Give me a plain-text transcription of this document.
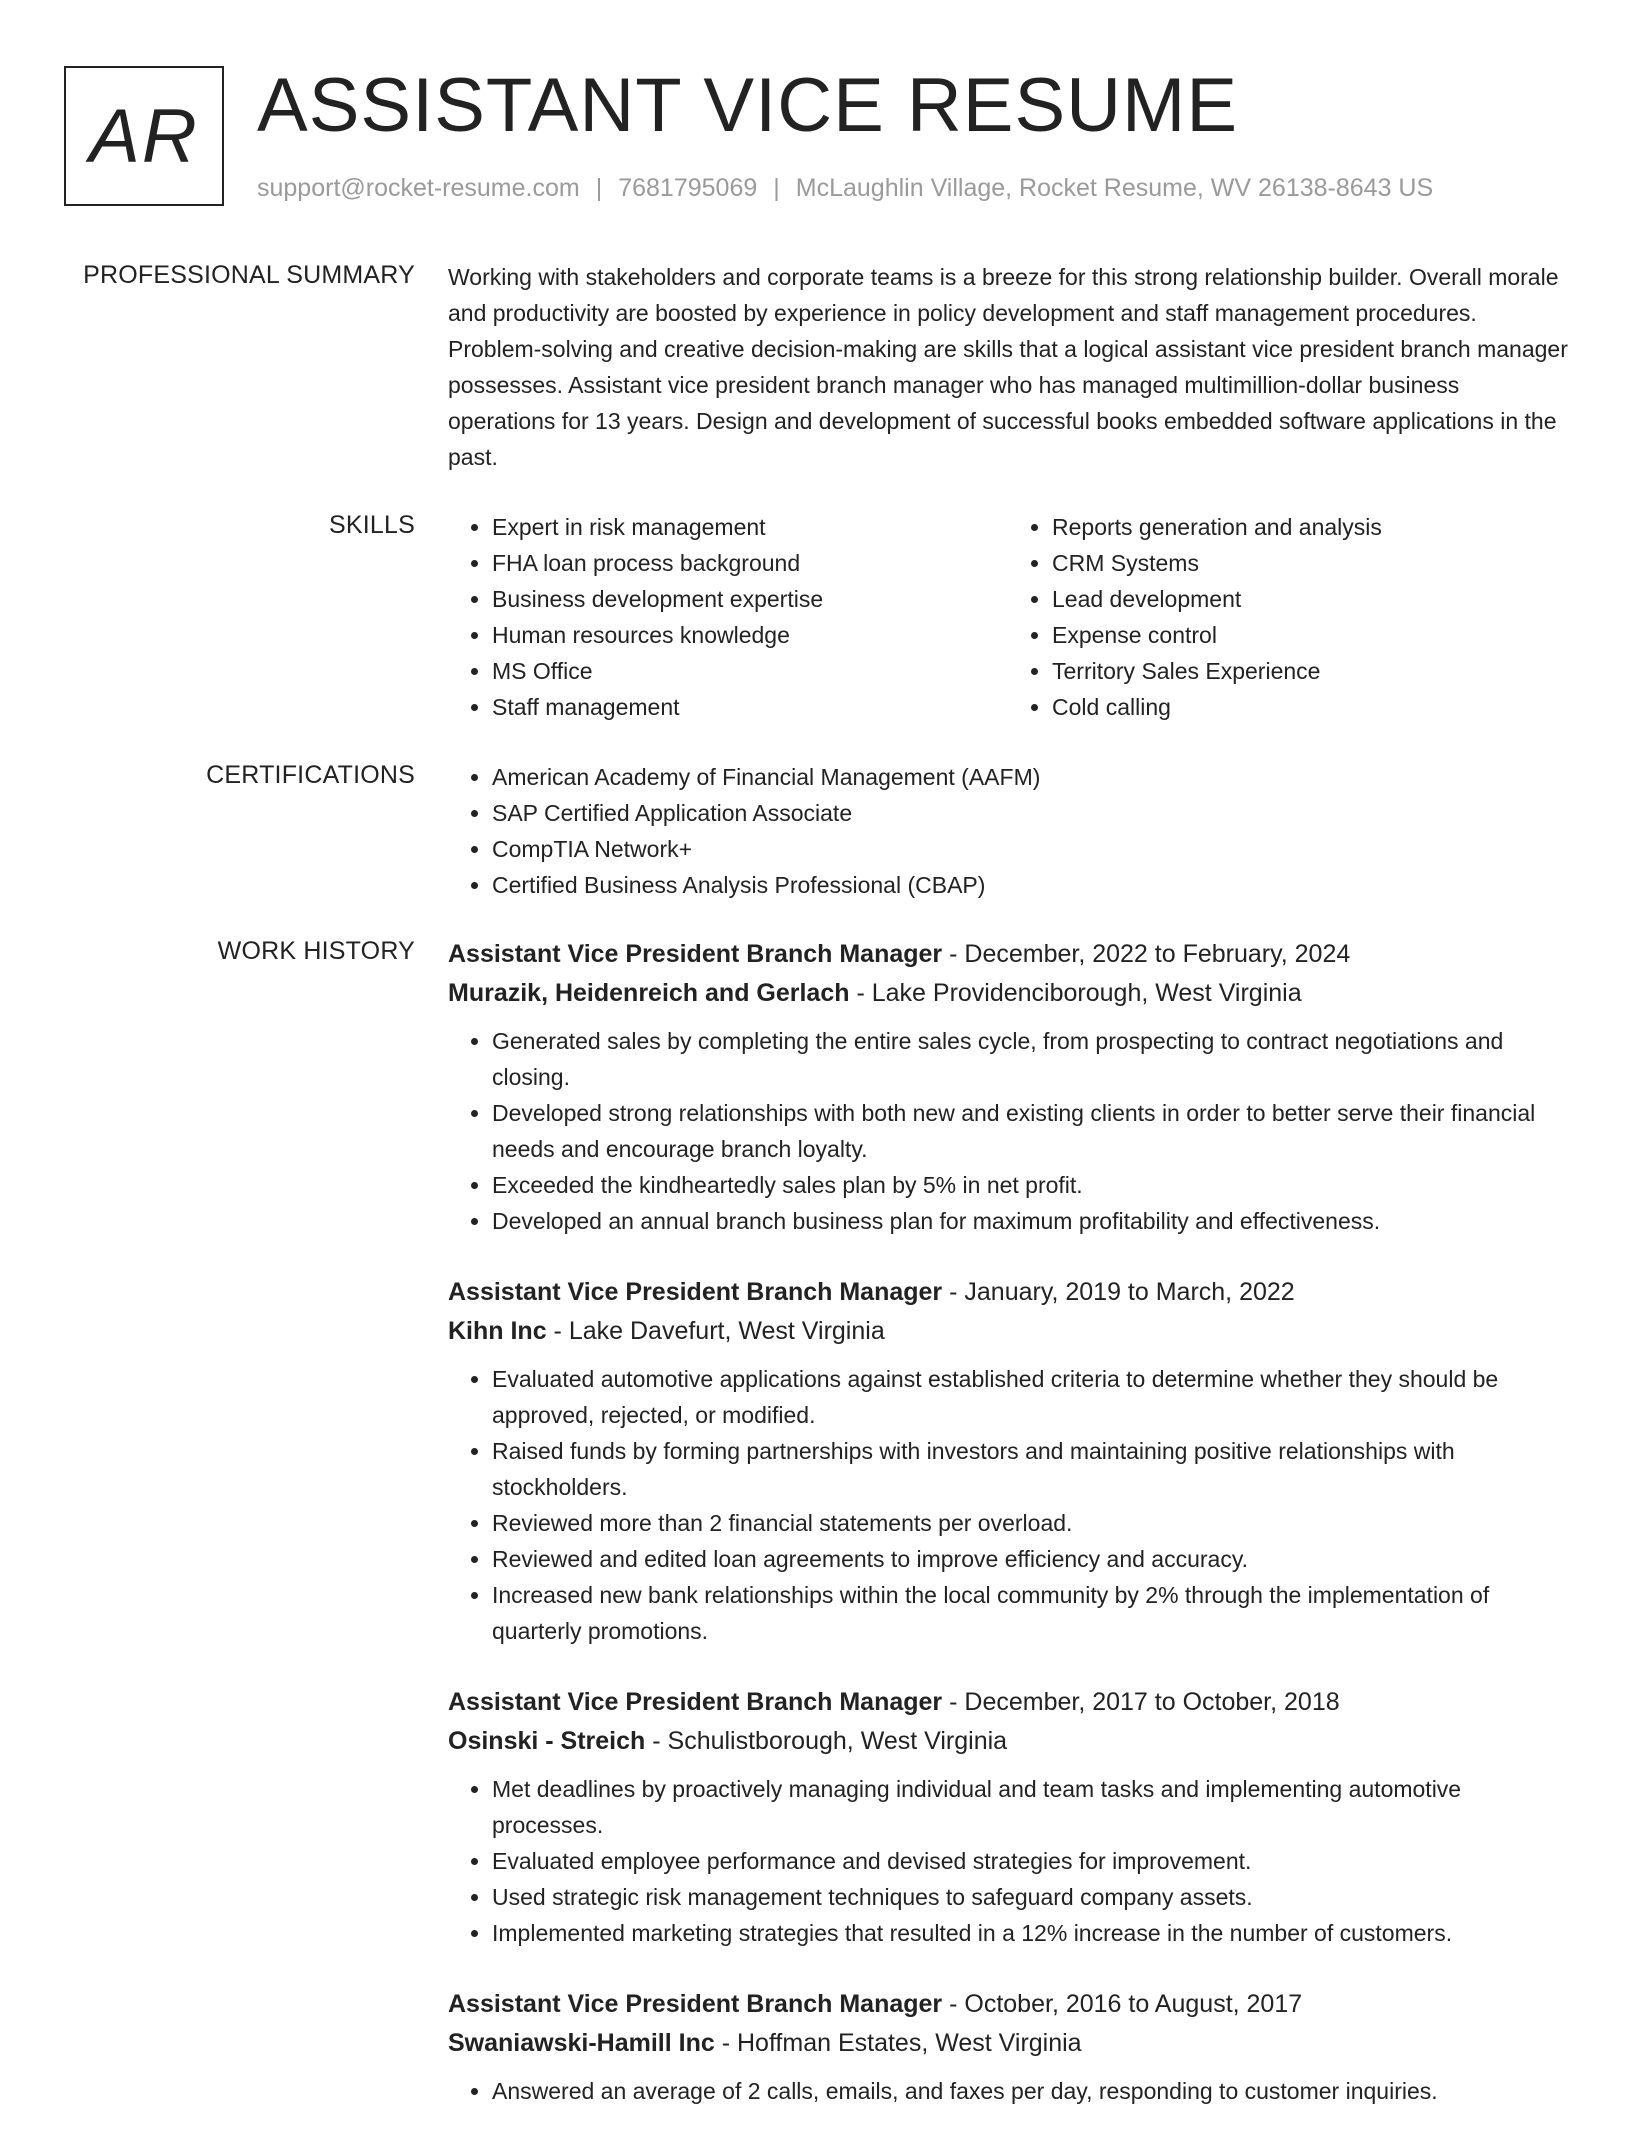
AR ASSISTANT VICE RESUME
support@rocket-resume.com | 7681795069 | McLaughlin Village, Rocket Resume, WV 26138-8643 US
PROFESSIONAL SUMMARY Working with stakeholders and corporate teams is a breeze for this strong relationship builder. Overall morale and productivity are boosted by experience in policy development and staff management procedures. Problem-solving and creative decision-making are skills that a logical assistant vice president branch manager possesses. Assistant vice president branch manager who has managed multimillion-dollar business operations for 13 years. Design and development of successful books embedded software applications in the past.

SKILLS	• Expert in risk management
• FHA loan process background
• Business development expertise
• Human resources knowledge
• MS Office
• Staff management
• Reports generation and analysis
• CRM Systems
• Lead development
• Expense control
• Territory Sales Experience
• Cold calling
CERTIFICATIONS	• American Academy of Financial Management (AAFM)
• SAP Certified Application Associate
• CompTIA Network+
• Certified Business Analysis Professional (CBAP)
WORK HISTORY Assistant Vice President Branch Manager - December, 2022 to February, 2024
Murazik, Heidenreich and Gerlach - Lake Providenciborough, West Virginia
• Generated sales by completing the entire sales cycle, from prospecting to contract negotiations and closing.
• Developed strong relationships with both new and existing clients in order to better serve their financial needs and encourage branch loyalty.
• Exceeded the kindheartedly sales plan by 5% in net profit.
• Developed an annual branch business plan for maximum profitability and effectiveness.
Assistant Vice President Branch Manager - January, 2019 to March, 2022
Kihn Inc - Lake Davefurt, West Virginia
• Evaluated automotive applications against established criteria to determine whether they should be approved, rejected, or modified.
• Raised funds by forming partnerships with investors and maintaining positive relationships with stockholders.
• Reviewed more than 2 financial statements per overload.
• Reviewed and edited loan agreements to improve efficiency and accuracy.
• Increased new bank relationships within the local community by 2% through the implementation of quarterly promotions.
Assistant Vice President Branch Manager - December, 2017 to October, 2018
Osinski - Streich - Schulistborough, West Virginia
• Met deadlines by proactively managing individual and team tasks and implementing automotive processes.
• Evaluated employee performance and devised strategies for improvement.
• Used strategic risk management techniques to safeguard company assets.
• Implemented marketing strategies that resulted in a 12% increase in the number of customers.
Assistant Vice President Branch Manager - October, 2016 to August, 2017
Swaniawski-Hamill Inc - Hoffman Estates, West Virginia
• Answered an average of 2 calls, emails, and faxes per day, responding to customer inquiries.
